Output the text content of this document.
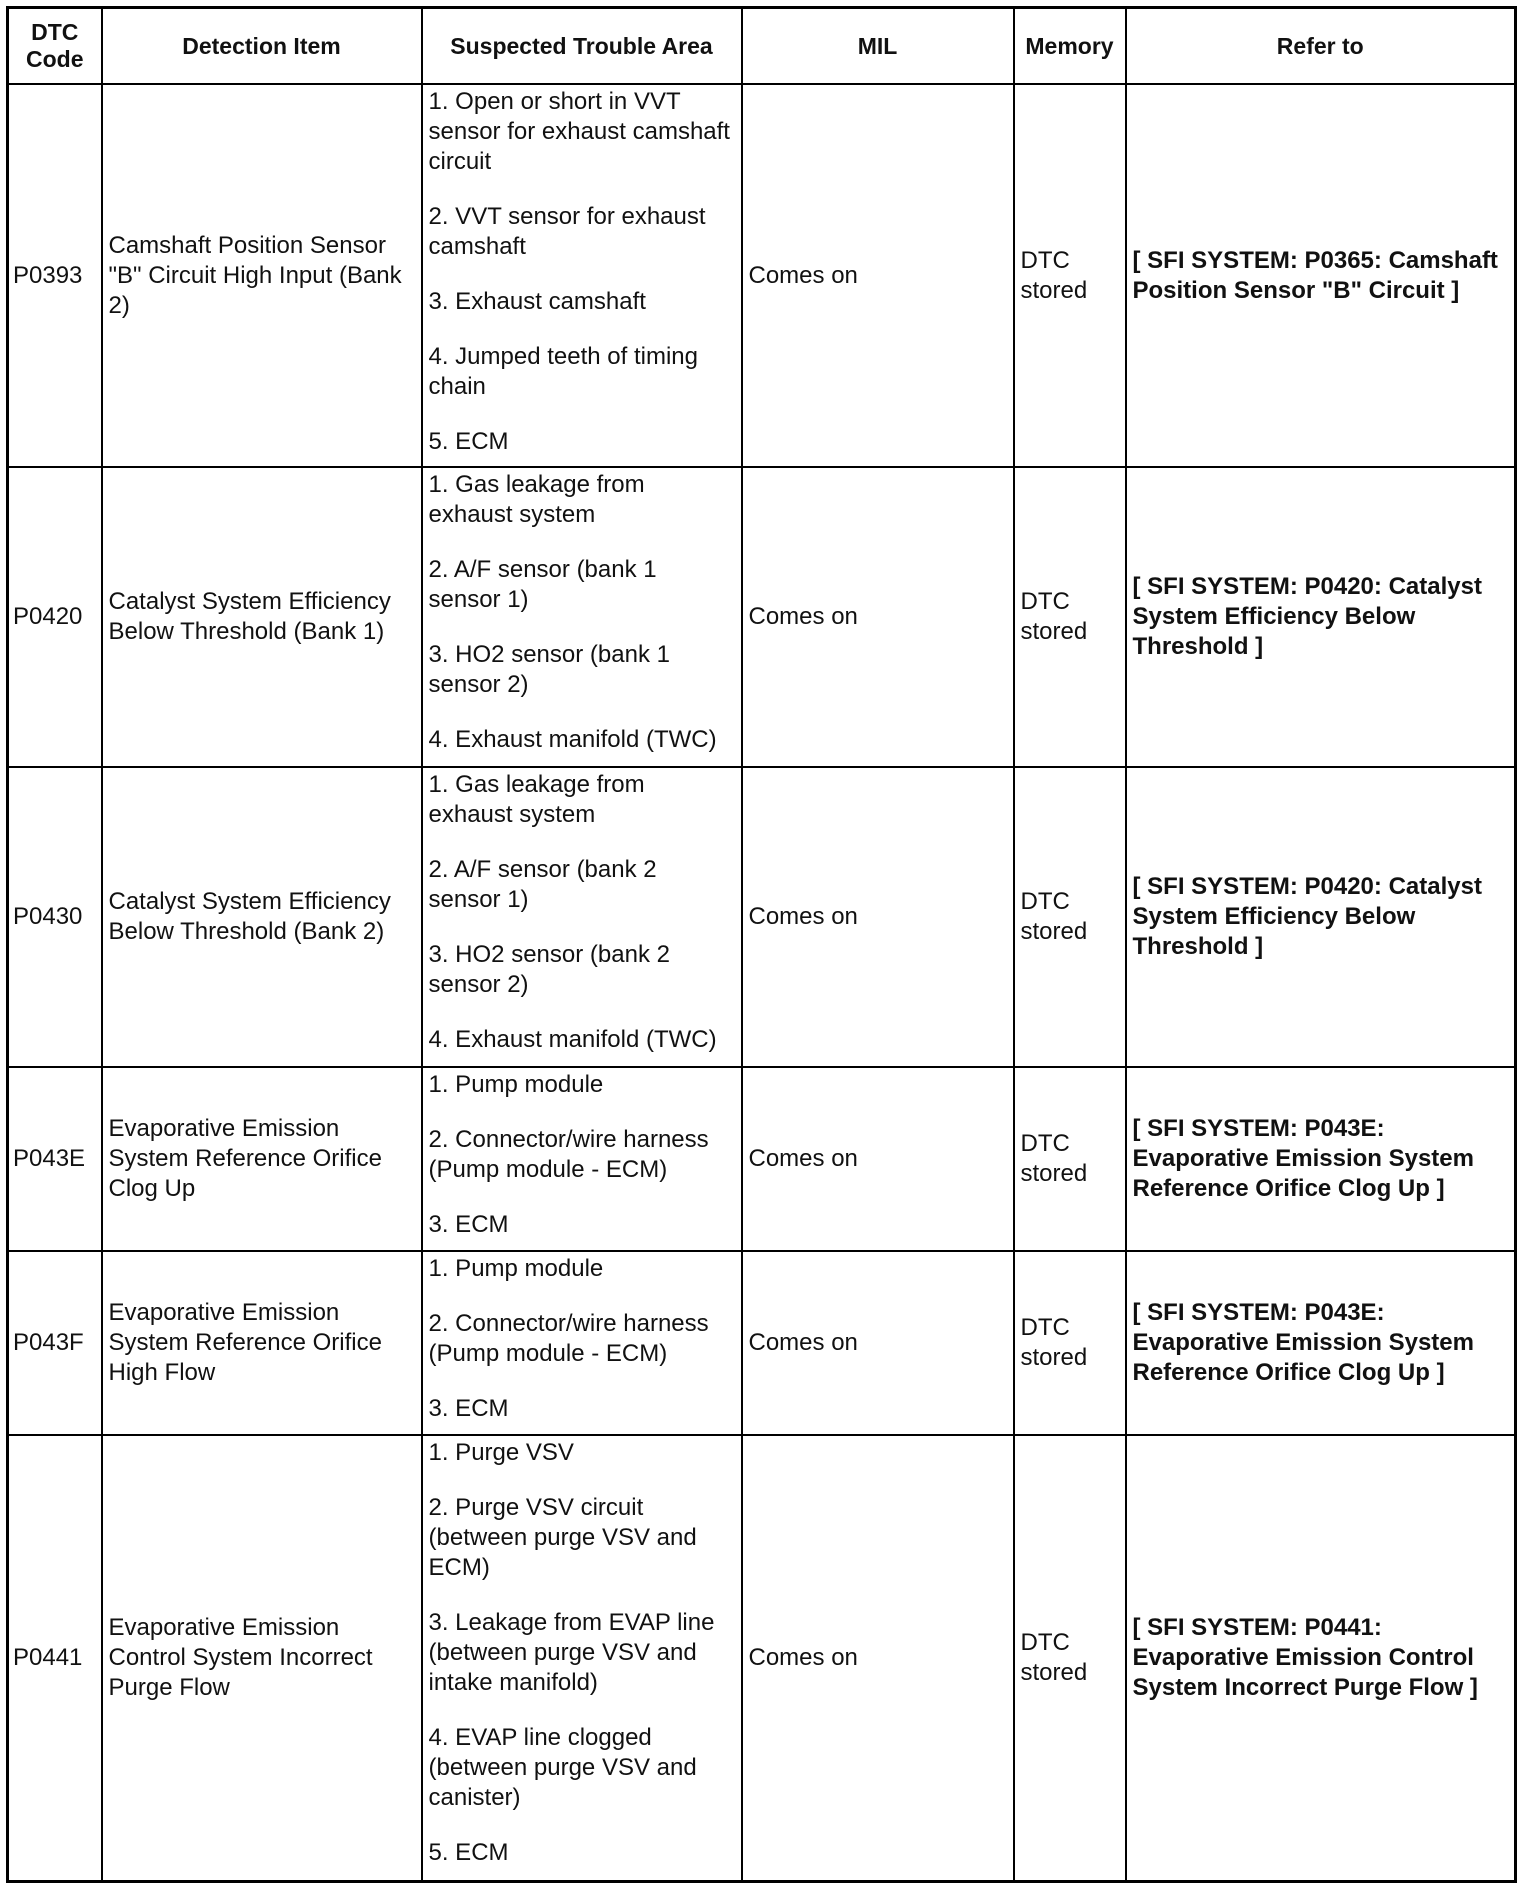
DTC Code	Detection Item	Suspected Trouble Area	MIL	Memory	Refer to
P0393	Camshaft Position Sensor "B" Circuit High Input (Bank 2)	1. Open or short in VVT sensor for exhaust camshaft circuit
2. VVT sensor for exhaust camshaft
3. Exhaust camshaft
4. Jumped teeth of timing chain
5. ECM	Comes on	DTC stored	[ SFI SYSTEM: P0365: Camshaft Position Sensor "B" Circuit ]
P0420	Catalyst System Efficiency Below Threshold (Bank 1)	1. Gas leakage from exhaust system
2. A/F sensor (bank 1 sensor 1)
3. HO2 sensor (bank 1 sensor 2)
4. Exhaust manifold (TWC)	Comes on	DTC stored	[ SFI SYSTEM: P0420: Catalyst System Efficiency Below Threshold ]
P0430	Catalyst System Efficiency Below Threshold (Bank 2)	1. Gas leakage from exhaust system
2. A/F sensor (bank 2 sensor 1)
3. HO2 sensor (bank 2 sensor 2)
4. Exhaust manifold (TWC)	Comes on	DTC stored	[ SFI SYSTEM: P0420: Catalyst System Efficiency Below Threshold ]
P043E	Evaporative Emission System Reference Orifice Clog Up	1. Pump module
2. Connector/wire harness (Pump module - ECM)
3. ECM	Comes on	DTC stored	[ SFI SYSTEM: P043E: Evaporative Emission System Reference Orifice Clog Up ]
P043F	Evaporative Emission System Reference Orifice High Flow	1. Pump module
2. Connector/wire harness (Pump module - ECM)
3. ECM	Comes on	DTC stored	[ SFI SYSTEM: P043E: Evaporative Emission System Reference Orifice Clog Up ]
P0441	Evaporative Emission Control System Incorrect Purge Flow	1. Purge VSV
2. Purge VSV circuit (between purge VSV and ECM)
3. Leakage from EVAP line (between purge VSV and intake manifold)
4. EVAP line clogged (between purge VSV and canister)
5. ECM	Comes on	DTC stored	[ SFI SYSTEM: P0441: Evaporative Emission Control System Incorrect Purge Flow ]
